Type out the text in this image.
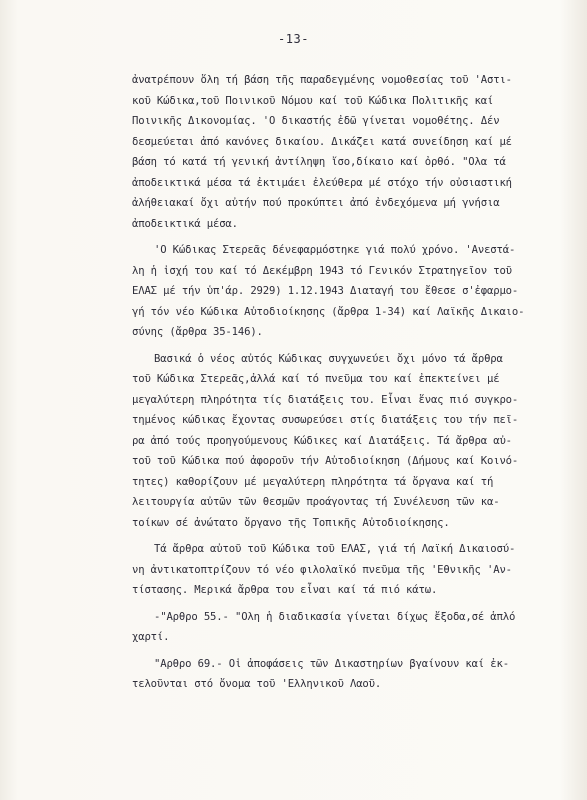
-13-
ἀνατρέπουν ὅλη τή βάση τῆς παραδεγμένης νομοθεσίας τοῦ 'Αστι-
κοῦ Κώδικα,τοῦ Ποινικοῦ Νόμου καί τοῦ Κώδικα Πολιτικῆς καί
Ποινικῆς Δικονομίας. 'Ο δικαστής ἐδῶ γίνεται νομοθέτης. Δέν
δεσμεύεται ἀπό κανόνες δικαίου. Δικάζει κατά συνείδηση καί μέ
βάση τό κατά τή γενική ἀντίληψη ἴσο,δίκαιο καί ὀρθό. "Ολα τά
ἀποδεικτικά μέσα τά ἐκτιμάει ἐλεύθερα μέ στόχο τήν οὐσιαστική
ἀλήθειακαί ὄχι αὐτήν πού προκύπτει ἀπό ἐνδεχόμενα μή γνήσια
ἀποδεικτικά μέσα.
'Ο Κώδικας Στερεᾶς δένεφαρμόστηκε γιά πολύ χρόνο. 'Ανεστά-
λη ἡ ἰσχή του καί τό Δεκέμβρη 1943 τό Γενικόν Στρατηγεῖον τοῦ
ΕΛΑΣ μέ τήν ὑπ'άρ. 2929) 1.12.1943 Διαταγή του ἔθεσε σ'ἐφαρμο-
γή τόν νέο Κώδικα Αὐτοδιοίκησης (ἄρθρα 1-34) καί Λαϊκῆς Δικαιο-
σύνης (ἄρθρα 35-146).
Βασικά ὁ νέος αὐτός Κώδικας συγχωνεύει ὄχι μόνο τά ἄρθρα
τοῦ Κώδικα Στερεᾶς,ἀλλά καί τό πνεῦμα του καί ἐπεκτείνει μέ
μεγαλύτερη πληρότητα τίς διατάξεις του. Εἶναι ἕνας πιό συγκρο-
τημένος κώδικας ἔχοντας συσωρεύσει στίς διατάξεις του τήν πεῖ-
ρα ἀπό τούς προηγούμενους Κώδικες καί Διατάξεις. Τά ἄρθρα αὐ-
τοῦ τοῦ Κώδικα πού ἀφοροῦν τήν Αὐτοδιοίκηση (Δήμους καί Κοινό-
τητες) καθορίζουν μέ μεγαλύτερη πληρότητα τά ὄργανα καί τή
λειτουργία αὐτῶν τῶν θεσμῶν προάγοντας τή Συνέλευση τῶν κα-
τοίκων σέ ἀνώτατο ὄργανο τῆς Τοπικῆς Αὐτοδιοίκησης.
Τά ἄρθρα αὐτοῦ τοῦ Κώδικα τοῦ ΕΛΑΣ, γιά τή Λαϊκή Δικαιοσύ-
νη ἀντικατοπτρίζουν τό νέο φιλολαϊκό πνεῦμα τῆς 'Εθνικῆς 'Αν-
τίστασης. Μερικά ἄρθρα του εἶναι καί τά πιό κάτω.
-"Αρθρο 55.- "Ολη ἡ διαδικασία γίνεται δίχως ἔξοδα,σέ ἁπλό
χαρτί.
"Αρθρο 69.- Οἱ ἀποφάσεις τῶν Δικαστηρίων βγαίνουν καί ἐκ-
τελοῦνται στό ὄνομα τοῦ 'Ελληνικοῦ Λαοῦ.
